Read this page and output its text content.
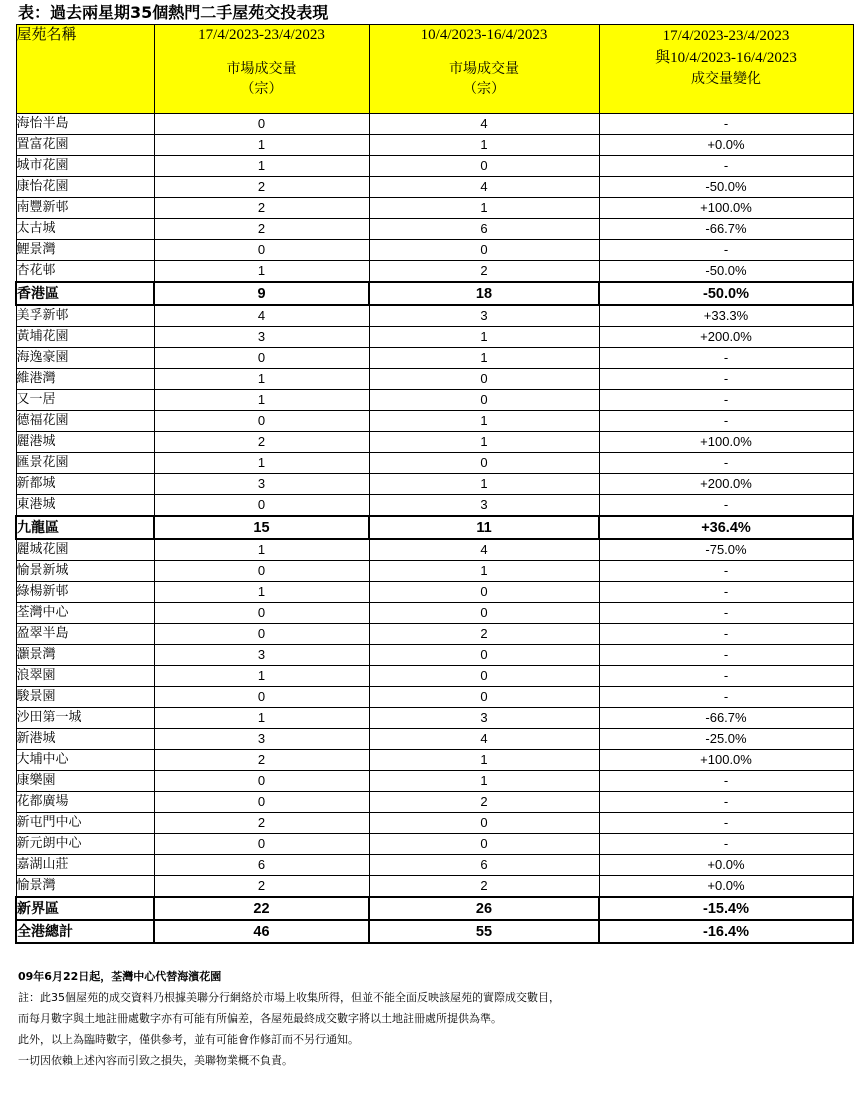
表：過去兩星期35個熱門二手屋苑交投表現
屋苑名稱	17/4/2023-23/4/2023
市場成交量
（宗）	10/4/2023-16/4/2023
市場成交量
（宗）	17/4/2023-23/4/2023
與10/4/2023-16/4/2023
成交量變化

海怡半島	0	4	-
置富花園	1	1	+0.0%
城市花園	1	0	-
康怡花園	2	4	-50.0%
南豐新邨	2	1	+100.0%
太古城	2	6	-66.7%
鯉景灣	0	0	-
杏花邨	1	2	-50.0%
香港區	9	18	-50.0%
美孚新邨	4	3	+33.3%
黃埔花園	3	1	+200.0%
海逸豪園	0	1	-
維港灣	1	0	-
又一居	1	0	-
德福花園	0	1	-
麗港城	2	1	+100.0%
匯景花園	1	0	-
新都城	3	1	+200.0%
東港城	0	3	-
九龍區	15	11	+36.4%
麗城花園	1	4	-75.0%
愉景新城	0	1	-
綠楊新邨	1	0	-
荃灣中心	0	0	-
盈翠半島	0	2	-
灝景灣	3	0	-
浪翠園	1	0	-
駿景園	0	0	-
沙田第一城	1	3	-66.7%
新港城	3	4	-25.0%
大埔中心	2	1	+100.0%
康樂園	0	1	-
花都廣場	0	2	-
新屯門中心	2	0	-
新元朗中心	0	0	-
嘉湖山莊	6	6	+0.0%
愉景灣	2	2	+0.0%
新界區	22	26	-15.4%
全港總計	46	55	-16.4%
09年6月22日起，荃灣中心代替海濱花園
註：此35個屋苑的成交資料乃根據美聯分行網絡於市場上收集所得，但並不能全面反映該屋苑的實際成交數目，
而每月數字與土地註冊處數字亦有可能有所偏差，各屋苑最終成交數字將以土地註冊處所提供為準。
此外，以上為臨時數字，僅供參考，並有可能會作修訂而不另行通知。
一切因依賴上述內容而引致之損失，美聯物業概不負責。
